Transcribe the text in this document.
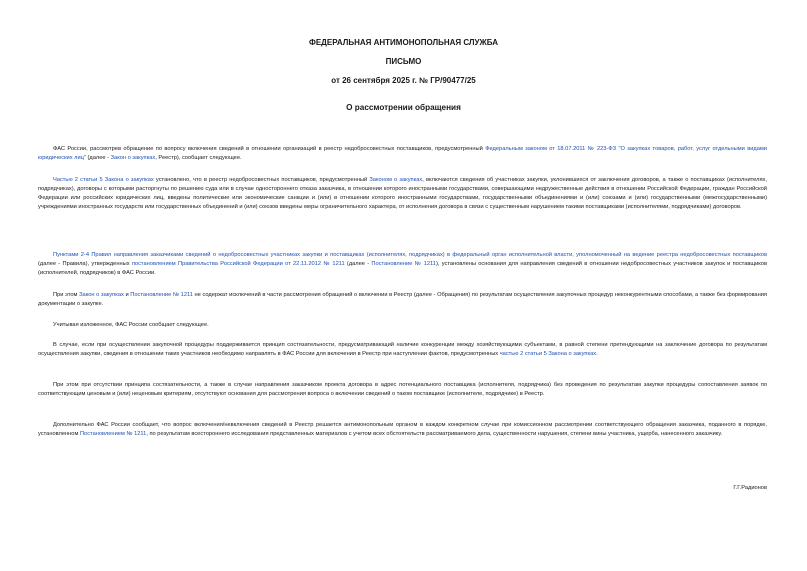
ФЕДЕРАЛЬНАЯ АНТИМОНОПОЛЬНАЯ СЛУЖБА
ПИСЬМО
от 26 сентября 2025 г. № ГР/90477/25
О рассмотрении обращения

ФАС России, рассмотрев обращение по вопросу включения сведений в отношении организаций в реестр недобросовестных поставщиков, предусмотренный Федеральным законом от 18.07.2011 № 223-ФЗ "О закупках товаров, работ, услуг отдельными видами юридических лиц" (далее - Закон о закупках, Реестр), сообщает следующее.

Частью 2 статьи 5 Закона о закупках установлено, что в реестр недобросовестных поставщиков, предусмотренный Законом о закупках, включаются сведения об участниках закупки, уклонившихся от заключения договоров, а также о поставщиках (исполнителях, подрядчиках), договоры с которыми расторгнуты по решению суда или в случае одностороннего отказа заказчика, в отношении которого иностранными государствами, совершающими недружественные действия в отношении Российской Федерации, граждан Российской Федерации или российских юридических лиц, введены политические или экономические санкции и (или) в отношении которого иностранными государствами, государственными объединениями и (или) союзами и (или) государственными (межгосударственными) учреждениями иностранных государств или государственных объединений и (или) союзов введены меры ограничительного характера, от исполнения договора в связи с существенным нарушением такими поставщиками (исполнителями, подрядчиками) договоров.

Пунктами 2-4 Правил направления заказчиками сведений о недобросовестных участниках закупки и поставщиках (исполнителях, подрядчиках) в федеральный орган исполнительной власти, уполномоченный на ведение реестра недобросовестных поставщиков (далее - Правила), утвержденных постановлением Правительства Российской Федерации от 22.11.2012 № 1211 (далее - Постановление № 1211), установлены основания для направления сведений в отношении недобросовестных участников закупок и поставщиков (исполнителей, подрядчиков) в ФАС России.

При этом Закон о закупках и Постановление № 1211 не содержат исключений в части рассмотрения обращений о включении в Реестр (далее - Обращения) по результатам осуществления закупочных процедур неконкурентными способами, а также без формирования документации о закупке.

Учитывая изложенное, ФАС России сообщает следующее.

В случае, если при осуществлении закупочной процедуры поддерживается принцип состязательности, предусматривающий наличие конкуренции между хозяйствующими субъектами, в равной степени претендующими на заключение договора по результатам осуществления закупки, сведения в отношении таких участников необходимо направлять в ФАС России для включения в Реестр при наступлении фактов, предусмотренных частью 2 статьи 5 Закона о закупках.

При этом при отсутствии принципа состязательности, а также в случае направления заказчиком проекта договора в адрес потенциального поставщика (исполнителя, подрядчика) без проведения по результатам закупки процедуры сопоставления заявок по соответствующим ценовым и (или) неценовым критериям, отсутствуют основания для рассмотрения вопроса о включении сведений о таком поставщике (исполнителе, подрядчике) в Реестр.

Дополнительно ФАС России сообщает, что вопрос включения/невключения сведений в Реестр решается антимонопольным органом в каждом конкретном случае при комиссионном рассмотрении соответствующего обращения заказчика, поданного в порядке, установленном Постановлением № 1211, по результатам всестороннего исследования представленных материалов с учетом всех обстоятельств рассматриваемого дела, существенности нарушения, степени вины участника, ущерба, нанесенного заказчику.

Г.Г.Радионов
